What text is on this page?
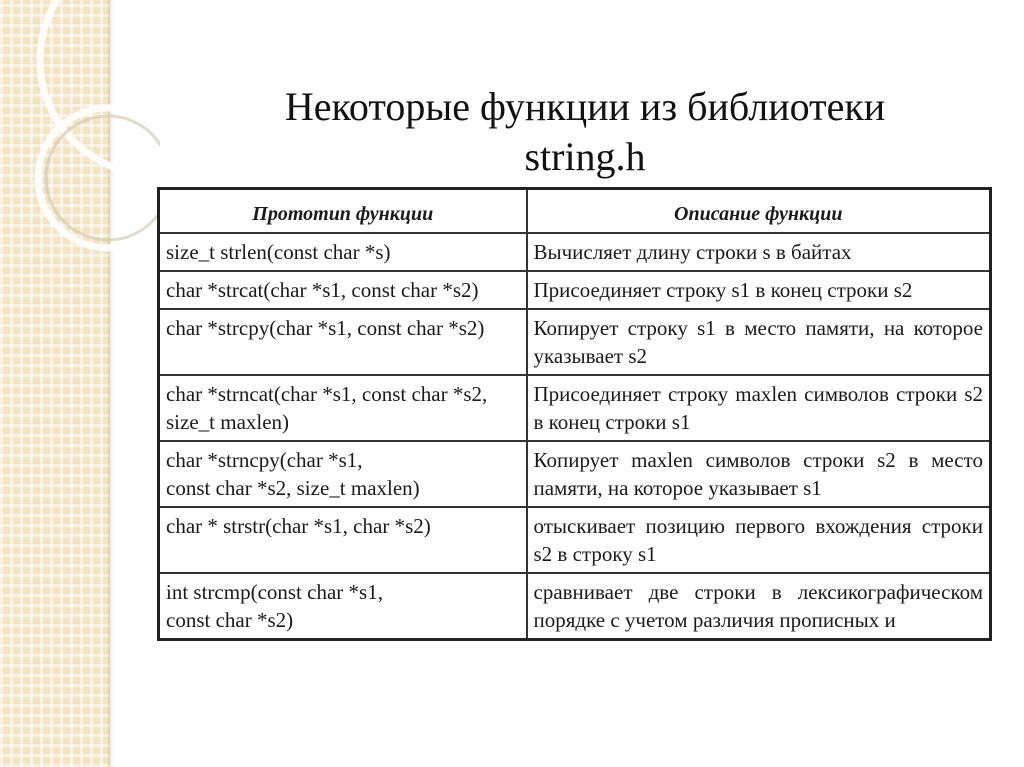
Некоторые функции из библиотеки
string.h
Прототип функции	Описание функции

size_t strlen(const char *s)	Вычисляет длину строки s в байтах

char *strcat(char *s1, const char *s2)	Присоединяет строку s1 в конец строки s2

char *strcpy(char *s1, const char *s2)	Копирует строку s1 в место памяти, на которое указывает s2

char *strncat(char *s1, const char *s2,
size_t maxlen)	Присоединяет строку maxlen символов строки s2 в конец строки s1

char *strncpy(char *s1,
const char *s2, size_t maxlen)	Копирует maxlen символов строки s2 в место памяти, на которое указывает s1

char * strstr(char *s1, char *s2)	отыскивает позицию первого вхождения строки s2 в строку s1

int strcmp(const char *s1,
const char *s2)	сравнивает две строки в лексикографическом порядке с учетом различия прописных и
